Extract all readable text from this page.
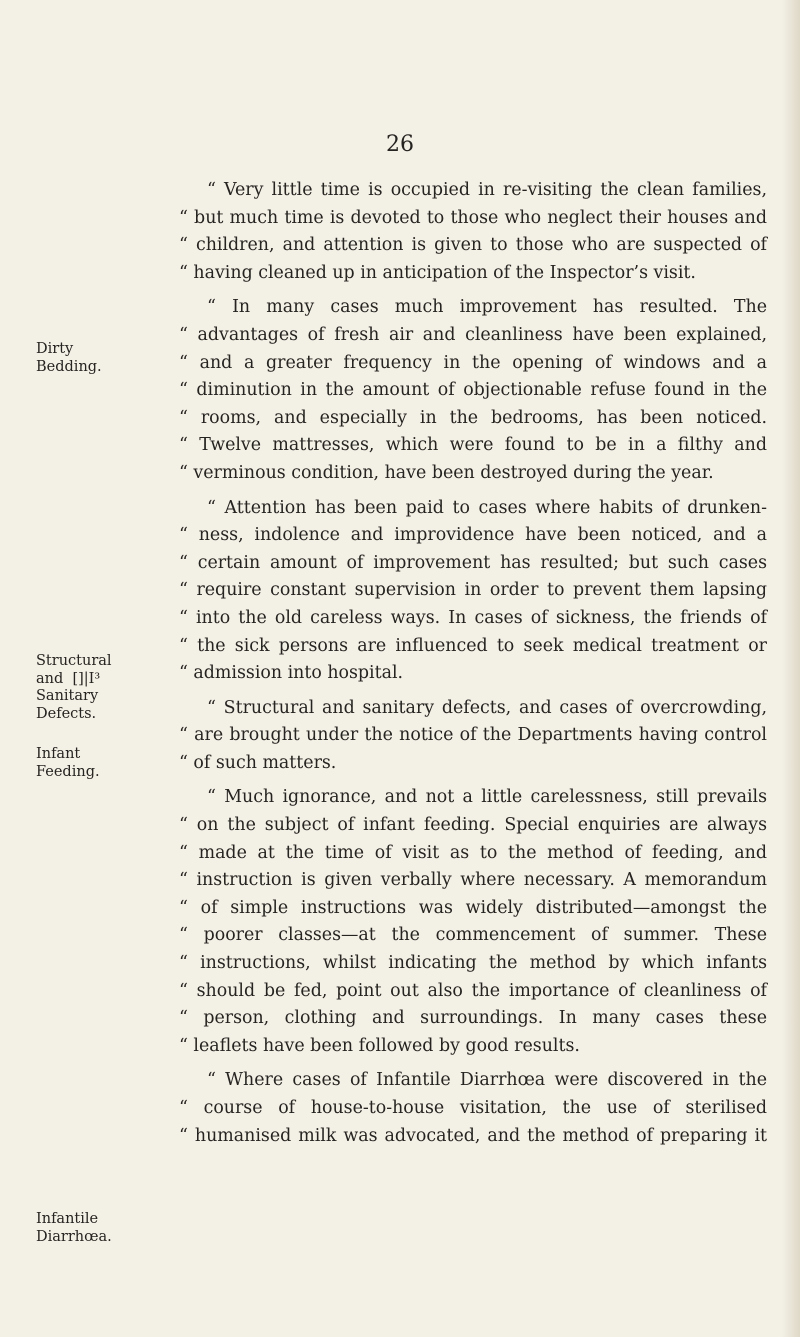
26
“ Very little time is occupied in re-visiting the clean families,
“ but much time is devoted to those who neglect their houses and
“ children, and attention is given to those who are suspected of
“ having cleaned up in anticipation of the Inspector’s visit.
“ In many cases much improvement has resulted. The
“ advantages of fresh air and cleanliness have been explained,
“ and a greater frequency in the opening of windows and a
“ diminution in the amount of objectionable refuse found in the
“ rooms, and especially in the bedrooms, has been noticed.
“ Twelve mattresses, which were found to be in a filthy and
“ verminous condition, have been destroyed during the year.
“ Attention has been paid to cases where habits of drunken-
“ ness, indolence and improvidence have been noticed, and a
“ certain amount of improvement has resulted; but such cases
“ require constant supervision in order to prevent them lapsing
“ into the old careless ways. In cases of sickness, the friends of
“ the sick persons are influenced to seek medical treatment or
“ admission into hospital.
“ Structural and sanitary defects, and cases of overcrowding,
“ are brought under the notice of the Departments having control
“ of such matters.
“ Much ignorance, and not a little carelessness, still prevails
“ on the subject of infant feeding. Special enquiries are always
“ made at the time of visit as to the method of feeding, and
“ instruction is given verbally where necessary. A memorandum
“ of simple instructions was widely distributed—amongst the
“ poorer classes—at the commencement of summer. These
“ instructions, whilst indicating the method by which infants
“ should be fed, point out also the importance of cleanliness of
“ person, clothing and surroundings. In many cases these
“ leaflets have been followed by good results.
“ Where cases of Infantile Diarrhœa were discovered in the
“ course of house-to-house visitation, the use of sterilised
“ humanised milk was advocated, and the method of preparing it
Dirty
Bedding.
Structural
and  []|I³
Sanitary
Defects.
Infant
Feeding.
Infantile
Diarrhœa.
